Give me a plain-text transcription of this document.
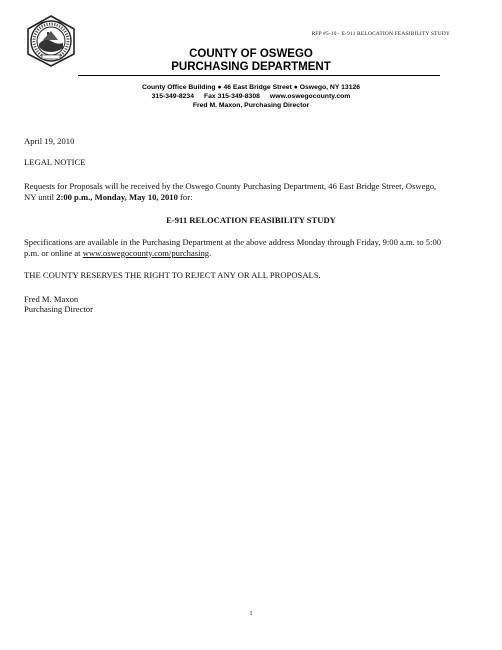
RFP #5-10 - E-911 RELOCATION FEASIBILITY STUDY
COUNTY OF OSWEGO
PURCHASING DEPARTMENT
County Office Building ● 46 East Bridge Street ● Oswego, NY 13126
315-349-8234 Fax 315-349-8308 www.oswegocounty.com
Fred M. Maxon, Purchasing Director
April 19, 2010
LEGAL NOTICE
Requests for Proposals will be received by the Oswego County Purchasing Department, 46 East Bridge Street, Oswego, NY until 2:00 p.m., Monday, May 10, 2010 for:
E-911 RELOCATION FEASIBILITY STUDY
Specifications are available in the Purchasing Department at the above address Monday through Friday, 9:00 a.m. to 5:00 p.m. or online at www.oswegocounty.com/purchasing.
THE COUNTY RESERVES THE RIGHT TO REJECT ANY OR ALL PROPOSALS.
Fred M. Maxon
Purchasing Director
1
